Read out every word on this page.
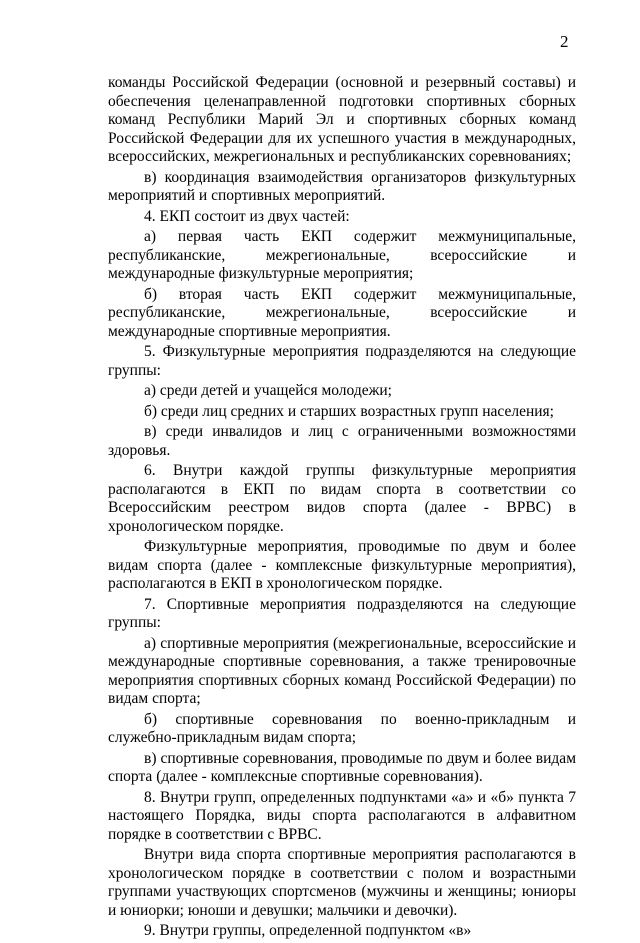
2

команды Российской Федерации (основной и резервный составы) и обеспечения целенаправленной подготовки спортивных сборных команд Республики Марий Эл и спортивных сборных команд Российской Федерации для их успешного участия в международных, всероссийских, межрегиональных и республиканских соревнованиях;

в) координация взаимодействия организаторов физкультурных мероприятий и спортивных мероприятий.

4. ЕКП состоит из двух частей:

а) первая часть ЕКП содержит межмуниципальные, республиканские, межрегиональные, всероссийские и международные физкультурные мероприятия;

б) вторая часть ЕКП содержит межмуниципальные, республиканские, межрегиональные, всероссийские и международные спортивные мероприятия.

5. Физкультурные мероприятия подразделяются на следующие группы:

а) среди детей и учащейся молодежи;

б) среди лиц средних и старших возрастных групп населения;

в) среди инвалидов и лиц с ограниченными возможностями здоровья.

6. Внутри каждой группы физкультурные мероприятия располагаются в ЕКП по видам спорта в соответствии со Всероссийским реестром видов спорта (далее - ВРВС) в хронологическом порядке.

Физкультурные мероприятия, проводимые по двум и более видам спорта (далее - комплексные физкультурные мероприятия), располагаются в ЕКП в хронологическом порядке.

7. Спортивные мероприятия подразделяются на следующие группы:

а) спортивные мероприятия (межрегиональные, всероссийские и международные спортивные соревнования, а также тренировочные мероприятия спортивных сборных команд Российской Федерации) по видам спорта;

б) спортивные соревнования по военно-прикладным и служебно-прикладным видам спорта;

в) спортивные соревнования, проводимые по двум и более видам спорта (далее - комплексные спортивные соревнования).

8. Внутри групп, определенных подпунктами «а» и «б» пункта 7 настоящего Порядка, виды спорта располагаются в алфавитном порядке в соответствии с ВРВС.

Внутри вида спорта спортивные мероприятия располагаются в хронологическом порядке в соответствии с полом и возрастными группами участвующих спортсменов (мужчины и женщины; юниоры и юниорки; юноши и девушки; мальчики и девочки).

9. Внутри группы, определенной подпунктом «в»
